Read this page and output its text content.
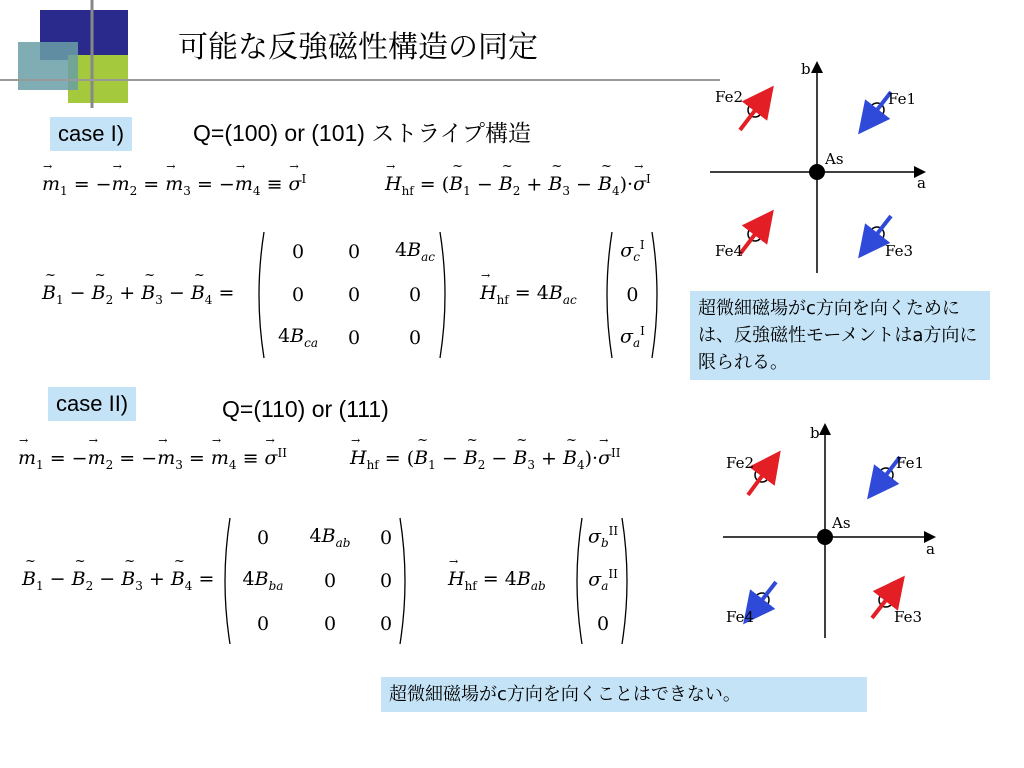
可能な反強磁性構造の同定
case I)	Q=(100) or (101) ストライプ構造
→ $m_1$ = −→ $m_2$ = → $m_3$ = −→ $m_4$ ≡ → $\sigma^I$	→ $H_{hf}$ = (~ $B_1$ − ~ $B_2$ + ~ $B_3$ − ~ $B_4)\cdot\to \sigma^I$
~ $B_1$ − ~ $B_2$ + ~ $B_3$ − ~ $B_4$ =
0	0	$4B_{ac}$
0	0	0
$4B_{ca}$	0	0
→ $H_{hf} = 4B_{ac}$
$\sigma_c^I$
0
$\sigma_a^I$
超微細磁場がc方向を向くためには、反強磁性モーメントはa方向に限られる。
case II)	Q=(110) or (111)
→ $m_1$ = −→ $m_2$ = −→ $m_3$ = → $m_4$ ≡ → $\sigma^{II}$	→ $H_{hf}$ = (~ $B_1$ − ~ $B_2$ − ~ $B_3$ + ~ $B_4)\cdot\to \sigma^{II}$
~ $B_1$ − ~ $B_2$ − ~ $B_3$ + ~ $B_4$ =
0	$4B_{ab}$	0
$4B_{ba}$	0	0
0	0	0
→ $H_{hf} = 4B_{ab}$
$\sigma_b^{II}$
$\sigma_a^{II}$
0
超微細磁場がc方向を向くことはできない。
b
a
As
Fe2	Fe1
Fe4	Fe3
b
a
As
Fe2	Fe1
Fe4	Fe3
